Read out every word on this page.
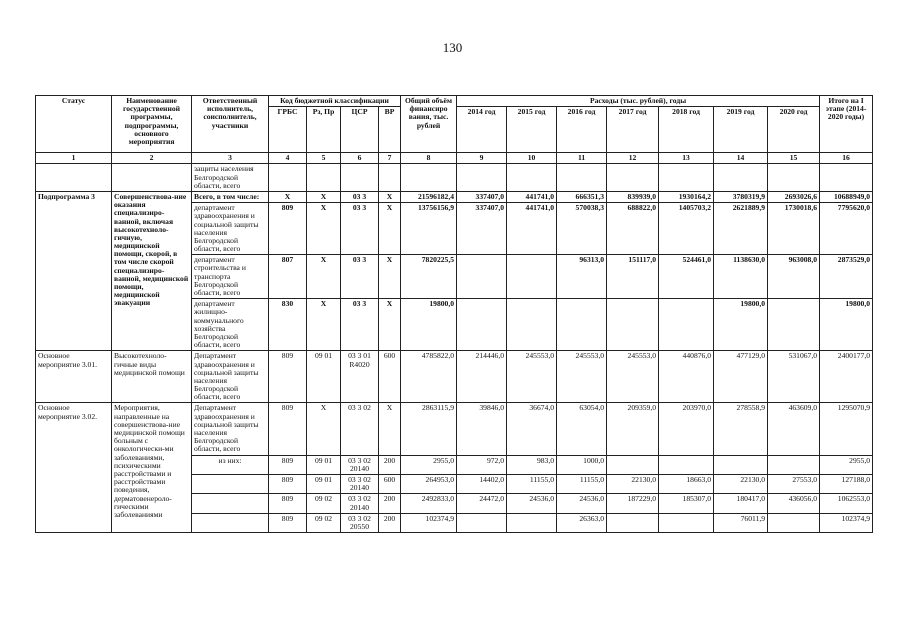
130
Статус	Наименование государственной программы, подпрограммы, основного мероприятия	Ответственный исполнитель, соисполнитель, участники	Код бюджетной классификации				Общий объём финансиро вания, тыс. рублей	Расходы (тыс. рублей), годы							Итого на I этапе (2014-2020 годы)
			ГРБС	Рз, Пр	ЦСР	ВР		2014 год	2015 год	2016 год	2017 год	2018 год	2019 год	2020 год	
1	2	3	4	5	6	7	8	9	10	11	12	13	14	15	16
		защиты населения Белгородской области, всего													
Подпрограмма 3	Совершенствова-ние оказания специализиро-ванной, включая высокотехноло-гичную, медицинской помощи, скорой, в том числе скорой специализиро-ванной, медицинской помощи, медицинской эвакуации	Всего, в том числе:	Х	Х	03 3	Х	21596182,4	337407,0	441741,0	666351,3	839939,0	1930164,2	3780319,9	2693026,6	10688949,0
		департамент здравоохранения и социальной защиты населения Белгородской области, всего	809	Х	03 3	Х	13756156,9	337407,0	441741,0	570038,3	688822,0	1405703,2	2621889,9	1730018,6	7795620,0
		департамент строительства и транспорта Белгородской области, всего	807	Х	03 3	Х	7820225,5			96313,0	151117,0	524461,0	1138630,0	963008,0	2873529,0
		департамент жилищно-коммунального хозяйства Белгородской области, всего	830	Х	03 3	Х	19800,0						19800,0		19800,0
Основное мероприятие 3.01.	Высокотехноло-гичные виды медицинской помощи	Департамент здравоохранения и социальной защиты населения Белгородской области, всего	809	09 01	03 3 01 R4020	600	4785822,0	214446,0	245553,0	245553,0	245553,0	440876,0	477129,0	531067,0	2400177,0
Основное мероприятие 3.02.	Мероприятия, направленные на совершенствова-ние медицинской помощи больным с онкологически-ми заболеваниями, психическими расстройствами и расстройствами поведения, дерматовенероло-гическими заболеваниями	Департамент здравоохранения и социальной защиты населения Белгородской области, всего	809	Х	03 3 02	Х	2863115,9	39846,0	36674,0	63054,0	209359,0	203970,0	278558,9	463609,0	1295070,9
		из них:	809	09 01	03 3 02 20140	200	2955,0	972,0	983,0	1000,0					2955,0
			809	09 01	03 3 02 20140	600	264953,0	14402,0	11155,0	11155,0	22130,0	18663,0	22130,0	27553,0	127188,0
			809	09 02	03 3 02 20140	200	2492833,0	24472,0	24536,0	24536,0	187229,0	185307,0	180417,0	436056,0	1062553,0
			809	09 02	03 3 02 20550	200	102374,9			26363,0			76011,9		102374,9
